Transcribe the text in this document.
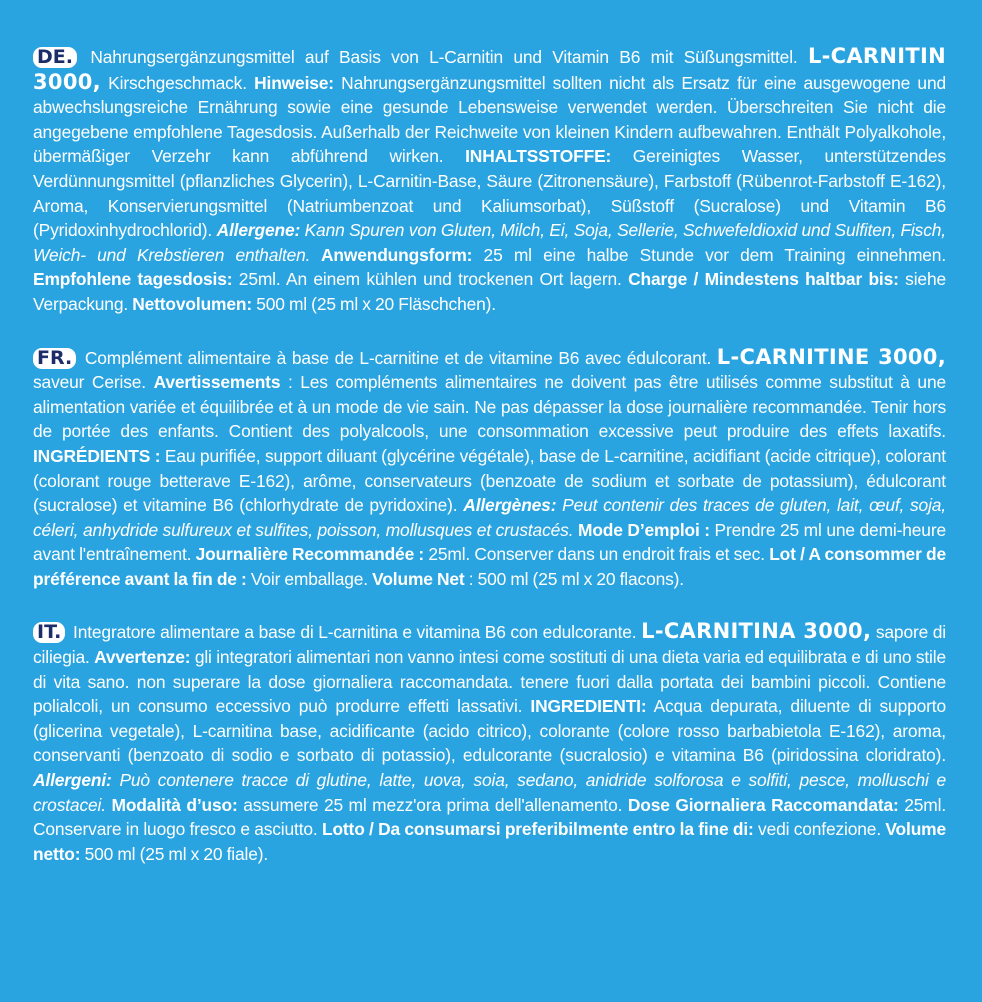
DE. Nahrungsergänzungsmittel auf Basis von L-Carnitin und Vitamin B6 mit Süßungsmittel. L-CARNITIN 3000, Kirschgeschmack. Hinweise: Nahrungsergänzungsmittel sollten nicht als Ersatz für eine ausgewogene und abwechslungsreiche Ernährung sowie eine gesunde Lebensweise verwendet werden. Überschreiten Sie nicht die angegebene empfohlene Tagesdosis. Außerhalb der Reichweite von kleinen Kindern aufbewahren. Enthält Polyalkohole, übermäßiger Verzehr kann abführend wirken. INHALTSSTOFFE: Gereinigtes Wasser, unterstützendes Verdünnungsmittel (pflanzliches Glycerin), L-Carnitin-Base, Säure (Zitronensäure), Farbstoff (Rübenrot-Farbstoff E-162), Aroma, Konservierungsmittel (Natriumbenzoat und Kaliumsorbat), Süßstoff (Sucralose) und Vitamin B6 (Pyridoxinhydrochlorid). Allergene: Kann Spuren von Gluten, Milch, Ei, Soja, Sellerie, Schwefeldioxid und Sulfiten, Fisch, Weich- und Krebstieren enthalten. Anwendungsform: 25 ml eine halbe Stunde vor dem Training einnehmen. Empfohlene tagesdosis: 25ml. An einem kühlen und trockenen Ort lagern. Charge / Mindestens haltbar bis: siehe Verpackung. Nettovolumen: 500 ml (25 ml x 20 Fläschchen).

FR. Complément alimentaire à base de L-carnitine et de vitamine B6 avec édulcorant. L-CARNITINE 3000, saveur Cerise. Avertissements : Les compléments alimentaires ne doivent pas être utilisés comme substitut à une alimentation variée et équilibrée et à un mode de vie sain. Ne pas dépasser la dose journalière recommandée. Tenir hors de portée des enfants. Contient des polyalcools, une consommation excessive peut produire des effets laxatifs. INGRÉDIENTS : Eau purifiée, support diluant (glycérine végétale), base de L-carnitine, acidifiant (acide citrique), colorant (colorant rouge betterave E-162), arôme, conservateurs (benzoate de sodium et sorbate de potassium), édulcorant (sucralose) et vitamine B6 (chlorhydrate de pyridoxine). Allergènes: Peut contenir des traces de gluten, lait, œuf, soja, céleri, anhydride sulfureux et sulfites, poisson, mollusques et crustacés. Mode D’emploi : Prendre 25 ml une demi-heure avant l'entraînement. Journalière Recommandée : 25ml. Conserver dans un endroit frais et sec. Lot / A consommer de préférence avant la fin de : Voir emballage. Volume Net : 500 ml (25 ml x 20 flacons).

IT. Integratore alimentare a base di L-carnitina e vitamina B6 con edulcorante. L-CARNITINA 3000, sapore di ciliegia. Avvertenze: gli integratori alimentari non vanno intesi come sostituti di una dieta varia ed equilibrata e di uno stile di vita sano. non superare la dose giornaliera raccomandata. tenere fuori dalla portata dei bambini piccoli. Contiene polialcoli, un consumo eccessivo può produrre effetti lassativi. INGREDIENTI: Acqua depurata, diluente di supporto (glicerina vegetale), L-carnitina base, acidificante (acido citrico), colorante (colore rosso barbabietola E-162), aroma, conservanti (benzoato di sodio e sorbato di potassio), edulcorante (sucralosio) e vitamina B6 (piridossina cloridrato). Allergeni: Può contenere tracce di glutine, latte, uova, soia, sedano, anidride solforosa e solfiti, pesce, molluschi e crostacei. Modalità d’uso: assumere 25 ml mezz'ora prima dell'allenamento. Dose Giornaliera Raccomandata: 25ml. Conservare in luogo fresco e asciutto. Lotto / Da consumarsi preferibilmente entro la fine di: vedi confezione. Volume netto: 500 ml (25 ml x 20 fiale).
